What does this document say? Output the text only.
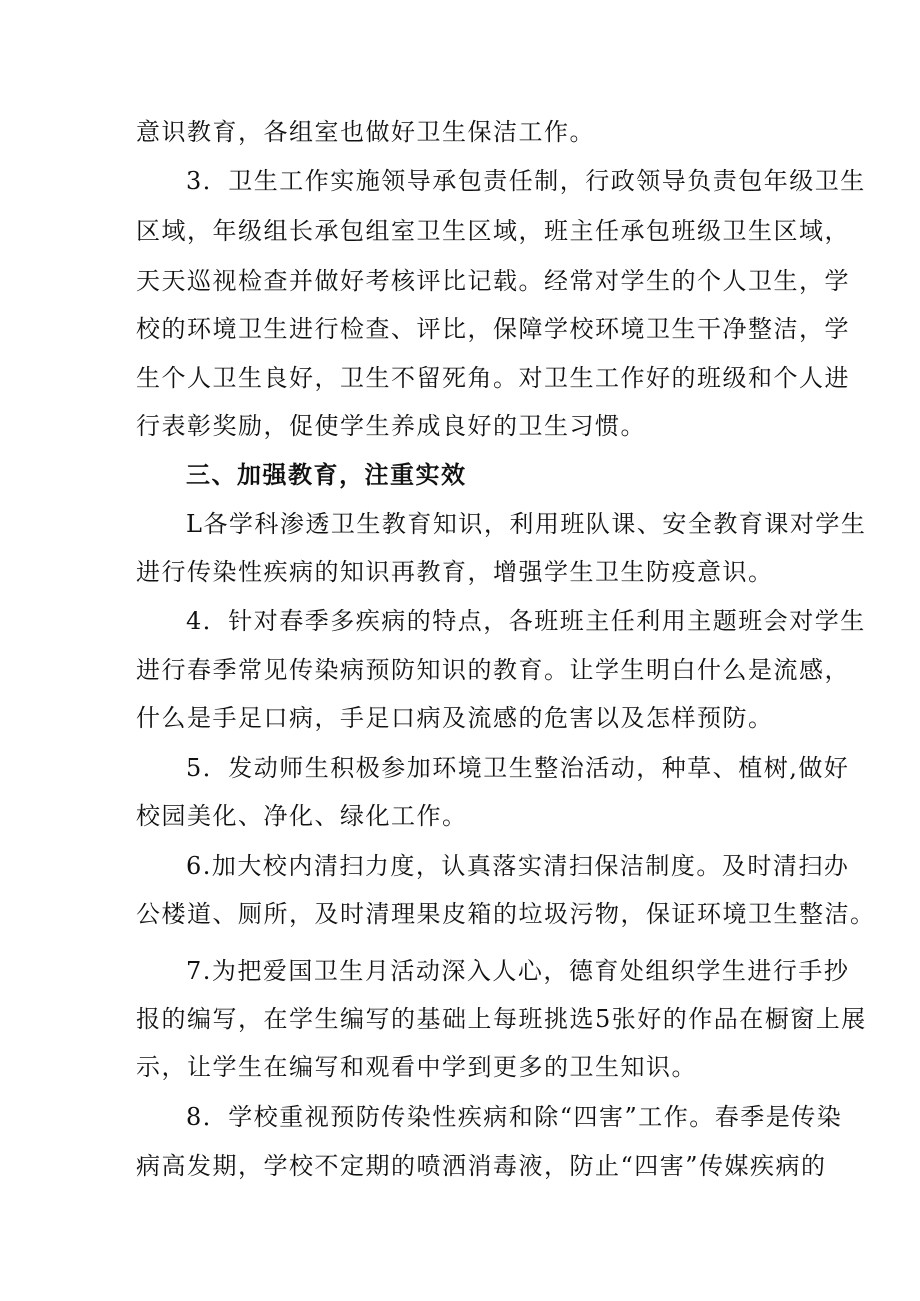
意识教育，各组室也做好卫生保洁工作。
3．卫生工作实施领导承包责任制，行政领导负责包年级卫生
区域，年级组长承包组室卫生区域，班主任承包班级卫生区域，
天天巡视检查并做好考核评比记载。经常对学生的个人卫生，学
校的环境卫生进行检查、评比，保障学校环境卫生干净整洁，学
生个人卫生良好，卫生不留死角。对卫生工作好的班级和个人进
行表彰奖励，促使学生养成良好的卫生习惯。
三、加强教育，注重实效
L各学科渗透卫生教育知识，利用班队课、安全教育课对学生
进行传染性疾病的知识再教育，增强学生卫生防疫意识。
4．针对春季多疾病的特点，各班班主任利用主题班会对学生
进行春季常见传染病预防知识的教育。让学生明白什么是流感，
什么是手足口病，手足口病及流感的危害以及怎样预防。
5．发动师生积极参加环境卫生整治活动，种草、植树,做好
校园美化、净化、绿化工作。
6.加大校内清扫力度，认真落实清扫保洁制度。及时清扫办
公楼道、厕所，及时清理果皮箱的垃圾污物，保证环境卫生整洁。
7.为把爱国卫生月活动深入人心，德育处组织学生进行手抄
报的编写，在学生编写的基础上每班挑选5张好的作品在橱窗上展
示，让学生在编写和观看中学到更多的卫生知识。
8．学校重视预防传染性疾病和除“四害”工作。春季是传染
病高发期，学校不定期的喷洒消毒液，防止“四害”传媒疾病的
